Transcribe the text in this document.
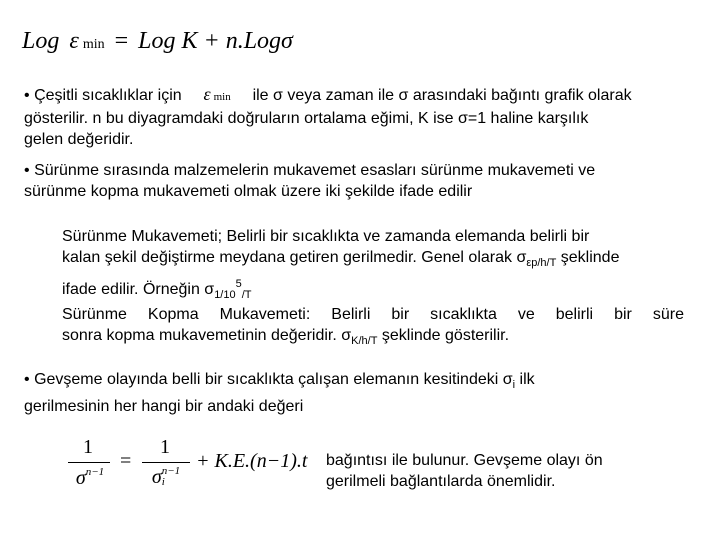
Log ε min = Log K + n.Logσ
• Çeşitli sıcaklıklar için ε min ile σ veya zaman ile σ arasındaki bağıntı grafik olarak
gösterilir. n bu diyagramdaki doğruların ortalama eğimi, K ise σ=1 haline karşılık
gelen değeridir.
• Sürünme sırasında malzemelerin mukavemet esasları sürünme mukavemeti ve
sürünme kopma mukavemeti olmak üzere iki şekilde ifade edilir
Sürünme Mukavemeti; Belirli bir sıcaklıkta ve zamanda elemanda belirli bir
kalan şekil değiştirme meydana getiren gerilmedir. Genel olarak $\sigma_{\varepsilon p/h/T}$ şeklinde
ifade edilir. Örneğin $\sigma_{1/10}^5_{/T}$
Sürünme Kopma Mukavemeti: Belirli bir sıcaklıkta ve belirli bir süre
sonra kopma mukavemetinin değeridir. $\sigma_{K/h/T}$ şeklinde gösterilir.
• Gevşeme olayında belli bir sıcaklıkta çalışan elemanın kesitindeki $\sigma_i$ ilk
gerilmesinin her hangi bir andaki değeri
1
$\sigma^{n-1}$ =
1
σ n−1
i
+ K.E.(n−1).t bağıntısı ile bulunur. Gevşeme olayı ön
gerilmeli bağlantılarda önemlidir.
